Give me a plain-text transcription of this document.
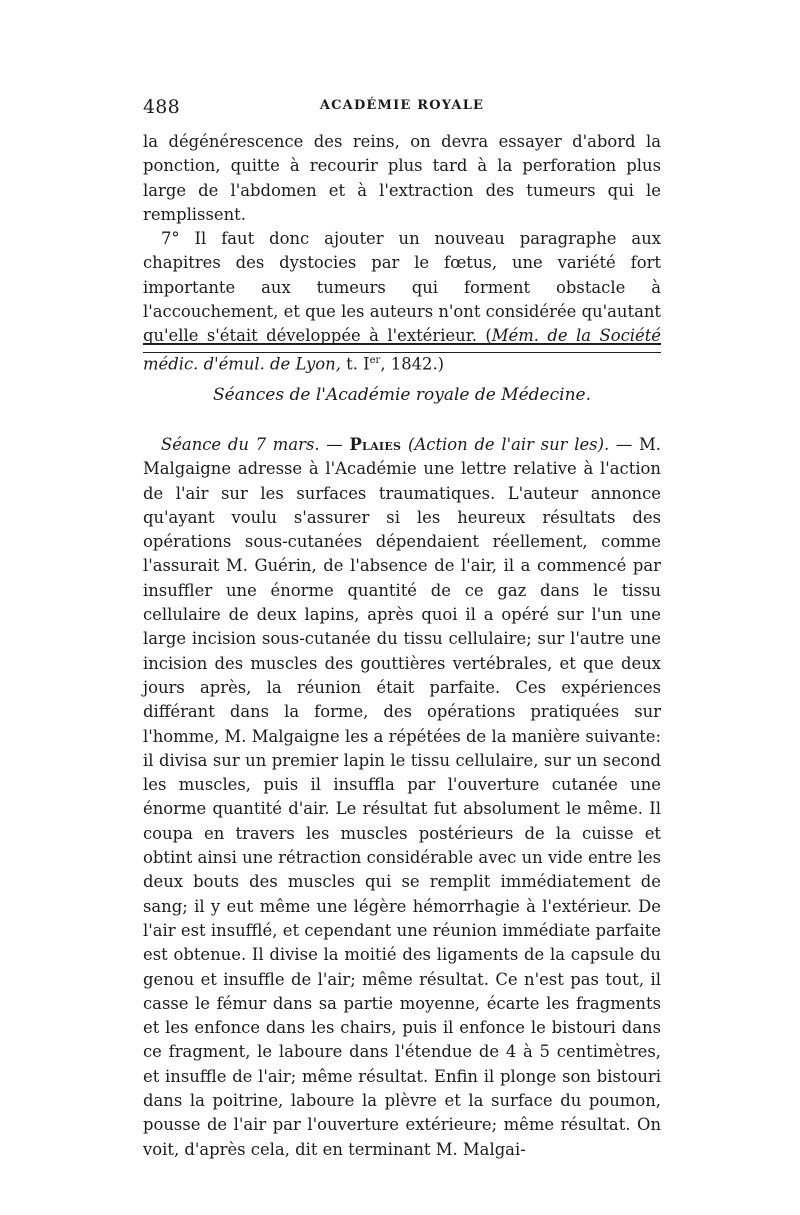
488	ACADÉMIE ROYALE

la dégénérescence des reins, on devra essayer d'abord la ponction, quitte à recourir plus tard à la perforation plus large de l'abdomen et à l'extraction des tumeurs qui le remplissent.

7° Il faut donc ajouter un nouveau paragraphe aux chapitres des dystocies par le fœtus, une variété fort importante aux tumeurs qui forment obstacle à l'accouchement, et que les auteurs n'ont considérée qu'autant qu'elle s'était développée à l'extérieur. (Mém. de la Société médic. d'émul. de Lyon, t. Ier, 1842.)

Séances de l'Académie royale de Médecine.

Séance du 7 mars. — Plaies (Action de l'air sur les). — M. Malgaigne adresse à l'Académie une lettre relative à l'action de l'air sur les surfaces traumatiques. L'auteur annonce qu'ayant voulu s'assurer si les heureux résultats des opérations sous-cutanées dépendaient réellement, comme l'assurait M. Guérin, de l'absence de l'air, il a commencé par insuffler une énorme quantité de ce gaz dans le tissu cellulaire de deux lapins, après quoi il a opéré sur l'un une large incision sous-cutanée du tissu cellulaire; sur l'autre une incision des muscles des gouttières vertébrales, et que deux jours après, la réunion était parfaite. Ces expériences différant dans la forme, des opérations pratiquées sur l'homme, M. Malgaigne les a répétées de la manière suivante: il divisa sur un premier lapin le tissu cellulaire, sur un second les muscles, puis il insuffla par l'ouverture cutanée une énorme quantité d'air. Le résultat fut absolument le même. Il coupa en travers les muscles postérieurs de la cuisse et obtint ainsi une rétraction considérable avec un vide entre les deux bouts des muscles qui se remplit immédiatement de sang; il y eut même une légère hémorrhagie à l'extérieur. De l'air est insufflé, et cependant une réunion immédiate parfaite est obtenue. Il divise la moitié des ligaments de la capsule du genou et insuffle de l'air; même résultat. Ce n'est pas tout, il casse le fémur dans sa partie moyenne, écarte les fragments et les enfonce dans les chairs, puis il enfonce le bistouri dans ce fragment, le laboure dans l'étendue de 4 à 5 centimètres, et insuffle de l'air; même résultat. Enfin il plonge son bistouri dans la poitrine, laboure la plèvre et la surface du poumon, pousse de l'air par l'ouverture extérieure; même résultat. On voit, d'après cela, dit en terminant M. Malgai-
